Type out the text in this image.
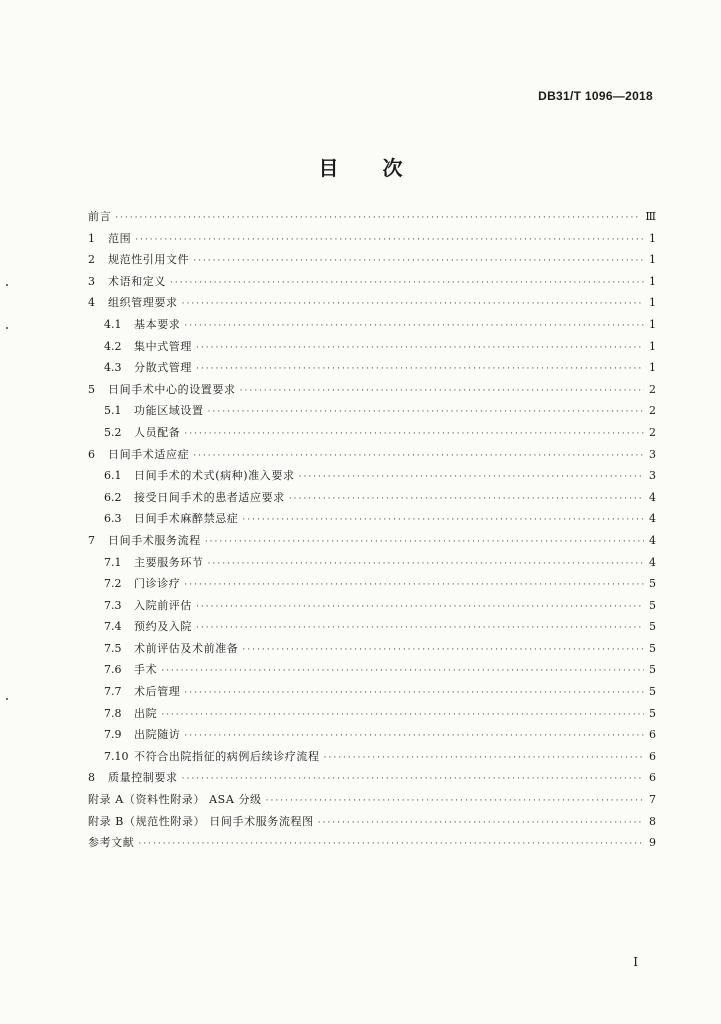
DB31/T 1096—2018
目 次
前言 ·····	Ⅲ
1	范围 ·····	1
2	规范性引用文件 ·····	1
3	术语和定义 ·····	1
4	组织管理要求 ·····	1
4.1	基本要求 ·····	1
4.2	集中式管理 ·····	1
4.3	分散式管理 ·····	1
5	日间手术中心的设置要求 ·····	2
5.1	功能区域设置 ·····	2
5.2	人员配备 ·····	2
6	日间手术适应症 ·····	3
6.1	日间手术的术式(病种)准入要求 ·····	3
6.2	接受日间手术的患者适应要求 ·····	4
6.3	日间手术麻醉禁忌症 ·····	4
7	日间手术服务流程 ·····	4
7.1	主要服务环节 ·····	4
7.2	门诊诊疗 ·····	5
7.3	入院前评估 ·····	5
7.4	预约及入院 ·····	5
7.5	术前评估及术前准备 ·····	5
7.6	手术 ·····	5
7.7	术后管理 ·····	5
7.8	出院 ·····	5
7.9	出院随访 ·····	6
7.10 不符合出院指征的病例后续诊疗流程 ·····	6
8	质量控制要求 ·····	6
附录 A（资料性附录） ASA 分级 ·····	7
附录 B（规范性附录） 日间手术服务流程图 ·····	8
参考文献 ·····	9
I
